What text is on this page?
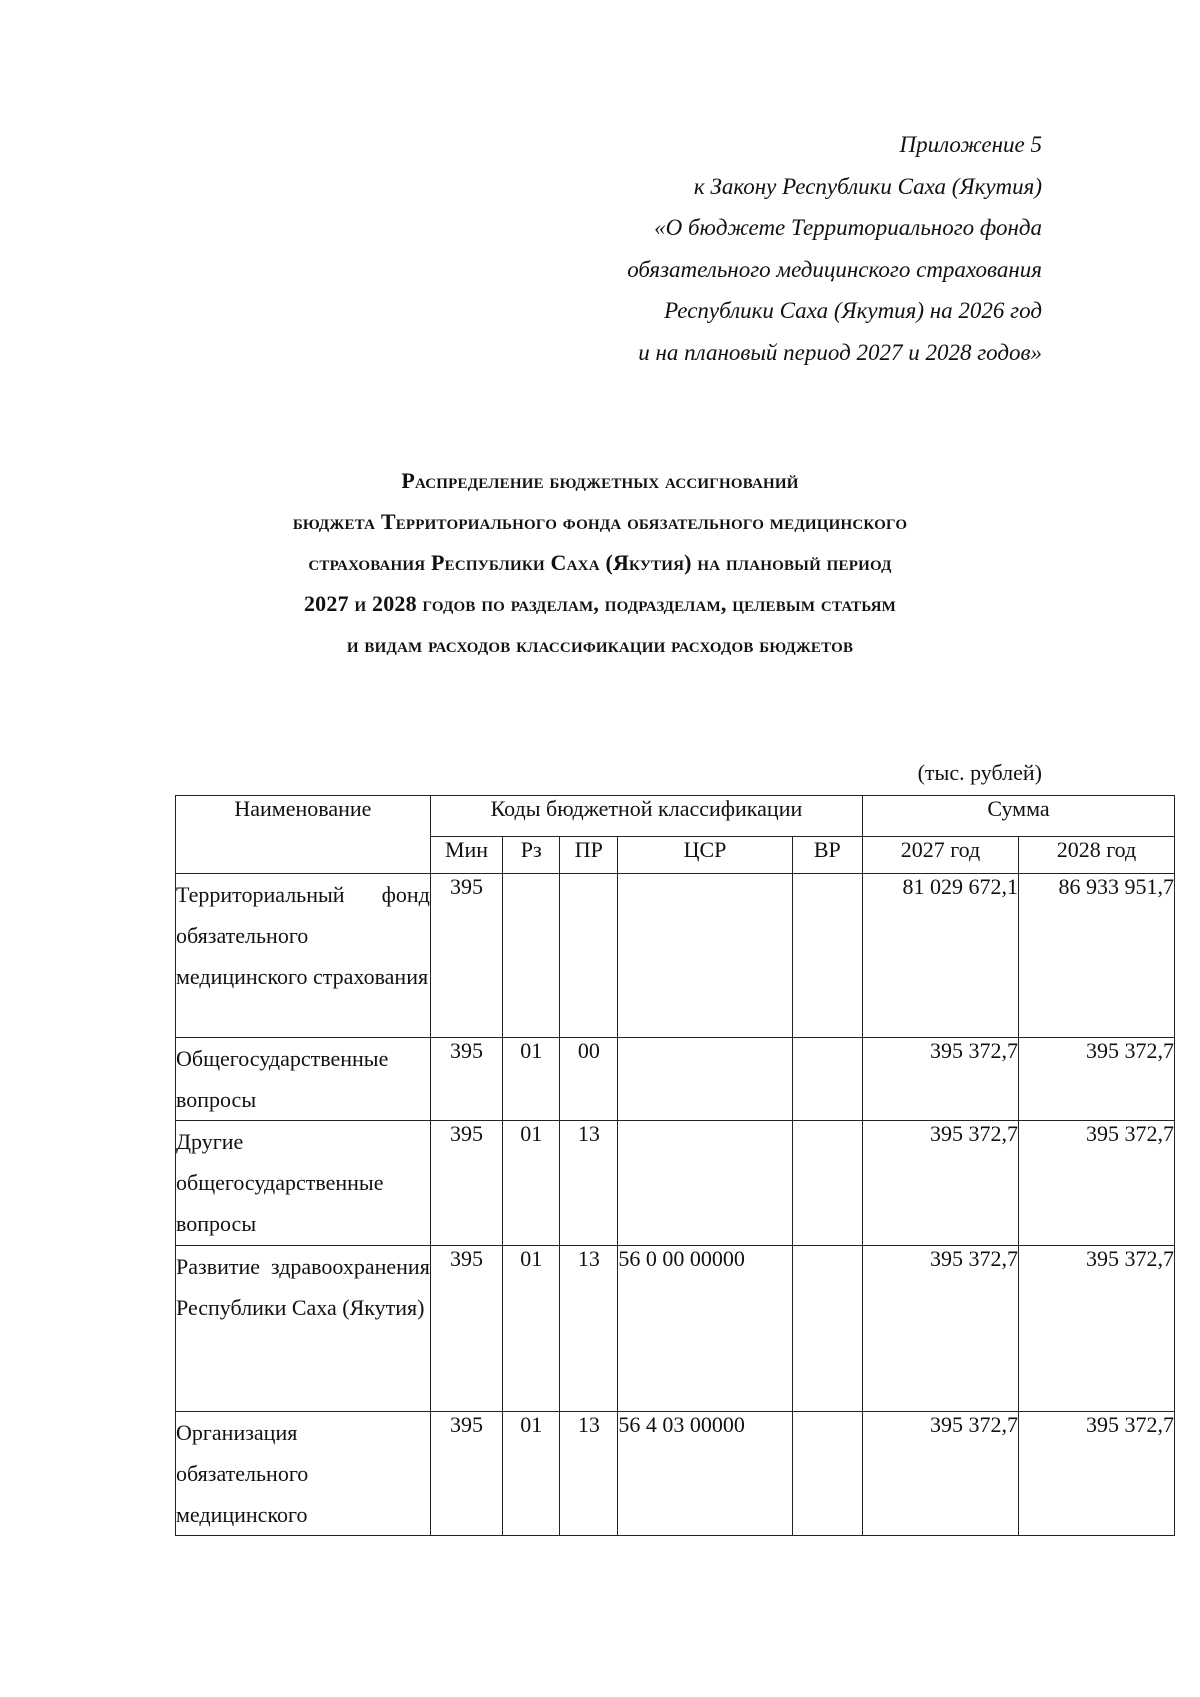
Приложение 5
к Закону Республики Саха (Якутия)
«О бюджете Территориального фонда
обязательного медицинского страхования
Республики Саха (Якутия) на 2026 год
и на плановый период 2027 и 2028 годов»
Распределение бюджетных ассигнований
бюджета Территориального фонда обязательного медицинского
страхования Республики Саха (Якутия) на плановый период
2027 и 2028 годов по разделам, подразделам, целевым статьям
и видам расходов классификации расходов бюджетов
(тыс. рублей)
Наименование	Коды бюджетной классификации					Сумма	
	Мин	Рз	ПР	ЦСР	ВР	2027 год	2028 год
Территориальный фонд обязательного медицинского страхования	395					81 029 672,1	86 933 951,7
Общегосударственные вопросы	395	01	00			395 372,7	395 372,7
Другие общегосударственные вопросы	395	01	13			395 372,7	395 372,7
Развитие здравоохранения Республики Саха (Якутия)	395	01	13	56 0 00 00000		395 372,7	395 372,7
Организация обязательного медицинского	395	01	13	56 4 03 00000		395 372,7	395 372,7
